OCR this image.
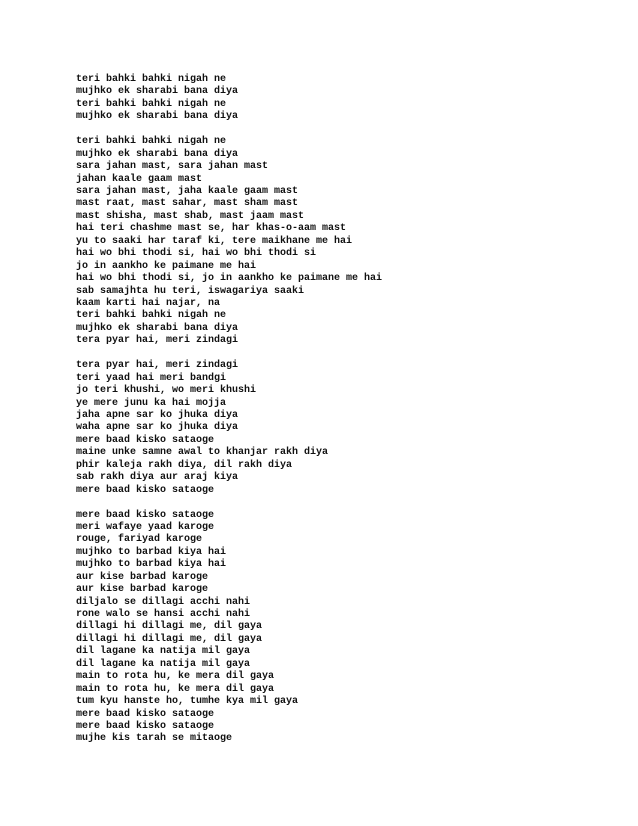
teri bahki bahki nigah ne
mujhko ek sharabi bana diya
teri bahki bahki nigah ne
mujhko ek sharabi bana diya
teri bahki bahki nigah ne
mujhko ek sharabi bana diya
sara jahan mast, sara jahan mast
jahan kaale gaam mast
sara jahan mast, jaha kaale gaam mast
mast raat, mast sahar, mast sham mast
mast shisha, mast shab, mast jaam mast
hai teri chashme mast se, har khas-o-aam mast
yu to saaki har taraf ki, tere maikhane me hai
hai wo bhi thodi si, hai wo bhi thodi si
jo in aankho ke paimane me hai
hai wo bhi thodi si, jo in aankho ke paimane me hai
sab samajhta hu teri, iswagariya saaki
kaam karti hai najar, na
teri bahki bahki nigah ne
mujhko ek sharabi bana diya
tera pyar hai, meri zindagi
tera pyar hai, meri zindagi
teri yaad hai meri bandgi
jo teri khushi, wo meri khushi
ye mere junu ka hai mojja
jaha apne sar ko jhuka diya
waha apne sar ko jhuka diya
mere baad kisko sataoge
maine unke samne awal to khanjar rakh diya
phir kaleja rakh diya, dil rakh diya
sab rakh diya aur araj kiya
mere baad kisko sataoge
mere baad kisko sataoge
meri wafaye yaad karoge
rouge, fariyad karoge
mujhko to barbad kiya hai
mujhko to barbad kiya hai
aur kise barbad karoge
aur kise barbad karoge
diljalo se dillagi acchi nahi
rone walo se hansi acchi nahi
dillagi hi dillagi me, dil gaya
dillagi hi dillagi me, dil gaya
dil lagane ka natija mil gaya
dil lagane ka natija mil gaya
main to rota hu, ke mera dil gaya
main to rota hu, ke mera dil gaya
tum kyu hanste ho, tumhe kya mil gaya
mere baad kisko sataoge
mere baad kisko sataoge
mujhe kis tarah se mitaoge
